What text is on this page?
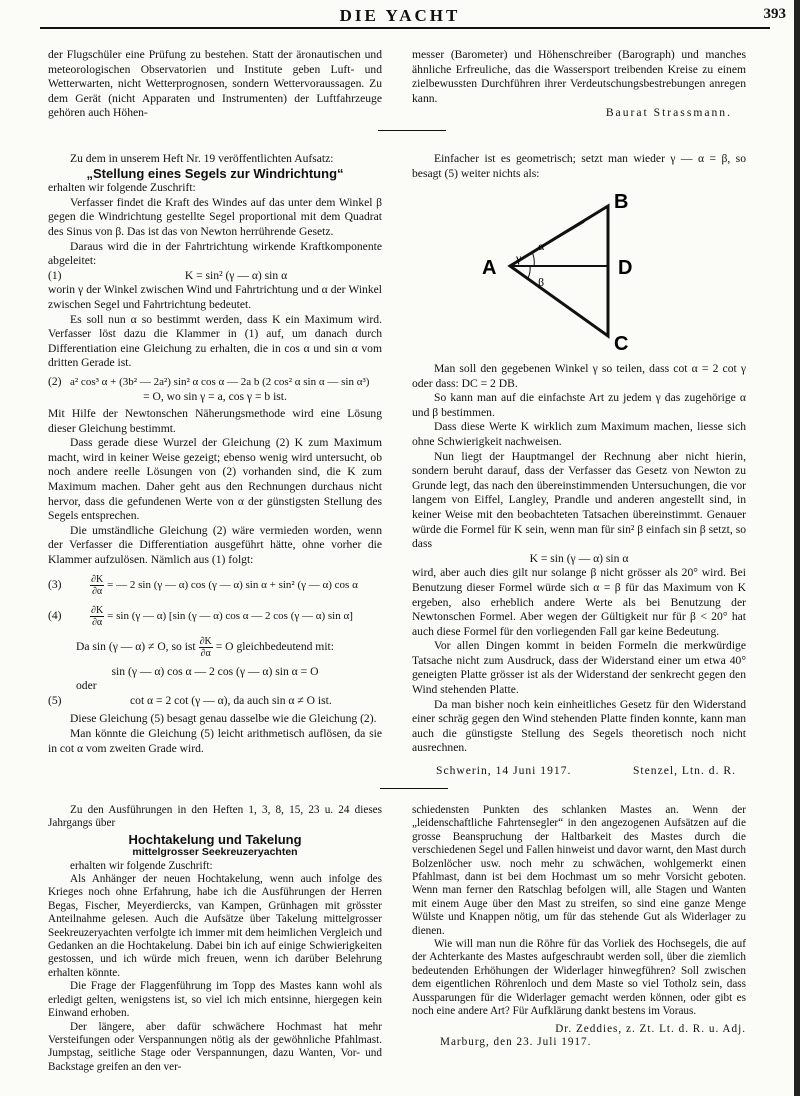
DIE YACHT	393

der Flugschüler eine Prüfung zu bestehen. Statt der äronautischen und meteorologischen Observatorien und Institute geben Luft- und Wetterwarten, nicht Wetterprognosen, sondern Wettervoraussagen. Zu dem Gerät (nicht Apparaten und Instrumenten) der Luftfahrzeuge gehören auch Höhen-

messer (Barometer) und Höhenschreiber (Barograph) und manches ähnliche Erfreuliche, das die Wassersport treibenden Kreise zu einem zielbewussten Durchführen ihrer Verdeutschungsbestrebungen anregen kann.

Baurat Strassmann.

Zu dem in unserem Heft Nr. 19 veröffentlichten Aufsatz:

„Stellung eines Segels zur Windrichtung“

erhalten wir folgende Zuschrift:

Verfasser findet die Kraft des Windes auf das unter dem Winkel β gegen die Windrichtung gestellte Segel proportional mit dem Quadrat des Sinus von β. Das ist das von Newton herrührende Gesetz.

Daraus wird die in der Fahrtrichtung wirkende Kraftkomponente abgeleitet:

(1)	K = sin² (γ — α) sin α

worin γ der Winkel zwischen Wind und Fahrtrichtung und α der Winkel zwischen Segel und Fahrtrichtung bedeutet.

Es soll nun α so bestimmt werden, dass K ein Maximum wird. Verfasser löst dazu die Klammer in (1) auf, um danach durch Differentiation eine Gleichung zu erhalten, die in cos α und sin α vom dritten Gerade ist.

(2) a² cos³ α + (3b² — 2a²) sin² α cos α — 2a b (2 cos² α sin α — sin α³)

= O, wo sin γ = a, cos γ = b ist.

Mit Hilfe der Newtonschen Näherungsmethode wird eine Lösung dieser Gleichung bestimmt.

Dass gerade diese Wurzel der Gleichung (2) K zum Maximum macht, wird in keiner Weise gezeigt; ebenso wenig wird untersucht, ob noch andere reelle Lösungen von (2) vorhanden sind, die K zum Maximum machen. Daher geht aus den Rechnungen durchaus nicht hervor, dass die gefundenen Werte von α der günstigsten Stellung des Segels entsprechen.

Die umständliche Gleichung (2) wäre vermieden worden, wenn der Verfasser die Differentiation ausgeführt hätte, ohne vorher die Klammer aufzulösen. Nämlich aus (1) folgt:

(3)	$\frac{\partial K}{\partial\alpha}$ = — 2 sin (γ — α) cos (γ — α) sin α + sin² (γ — α) cos α
(4)	$\frac{\partial K}{\partial\alpha} = \sin (\gamma$ — α) [sin (γ — α) cos α — 2 cos (γ — α) sin α]
Da sin (γ — α) ≠ O, so ist
$\frac{\partial K}{\partial\alpha} = O$ gleichbedeutend mit:

sin (γ — α) cos α — 2 cos (γ — α) sin α = O

oder

(5)	cot α = 2 cot (γ — α), da auch sin α ≠ O ist.

Diese Gleichung (5) besagt genau dasselbe wie die Gleichung (2).

Man könnte die Gleichung (5) leicht arithmetisch auflösen, da sie in cot α vom zweiten Grade wird.

Einfacher ist es geometrisch; setzt man wieder γ — α = β, so besagt (5) weiter nichts als:

A
B
D
C
α
γ
β

Man soll den gegebenen Winkel γ so teilen, dass cot α = 2 cot γ oder dass: DC = 2 DB.

So kann man auf die einfachste Art zu jedem γ das zugehörige α und β bestimmen.

Dass diese Werte K wirklich zum Maximum machen, liesse sich ohne Schwierigkeit nachweisen.

Nun liegt der Hauptmangel der Rechnung aber nicht hierin, sondern beruht darauf, dass der Verfasser das Gesetz von Newton zu Grunde legt, das nach den übereinstimmenden Untersuchungen, die vor langem von Eiffel, Langley, Prandle und anderen angestellt sind, in keiner Weise mit den beobachteten Tatsachen übereinstimmt. Genauer würde die Formel für K sein, wenn man für sin² β einfach sin β setzt, so dass

K = sin (γ — α) sin α

wird, aber auch dies gilt nur solange β nicht grösser als 20° wird. Bei Benutzung dieser Formel würde sich α = β für das Maximum von K ergeben, also erheblich andere Werte als bei Benutzung der Newtonschen Formel. Aber wegen der Gültigkeit nur für β < 20° hat auch diese Formel für den vorliegenden Fall gar keine Bedeutung.

Vor allen Dingen kommt in beiden Formeln die merkwürdige Tatsache nicht zum Ausdruck, dass der Widerstand einer um etwa 40° geneigten Platte grösser ist als der Widerstand der senkrecht gegen den Wind stehenden Platte.

Da man bisher noch kein einheitliches Gesetz für den Widerstand einer schräg gegen den Wind stehenden Platte finden konnte, kann man auch die günstigste Stellung des Segels theoretisch noch nicht ausrechnen.

Schwerin, 14 Juni 1917.	Stenzel, Ltn. d. R.

Zu den Ausführungen in den Heften 1, 3, 8, 15, 23 u. 24 dieses Jahrgangs über

Hochtakelung und Takelung

mittelgrosser Seekreuzeryachten

erhalten wir folgende Zuschrift:

Als Anhänger der neuen Hochtakelung, wenn auch infolge des Krieges noch ohne Erfahrung, habe ich die Ausführungen der Herren Begas, Fischer, Meyerdiercks, van Kampen, Grünhagen mit grösster Anteilnahme gelesen. Auch die Aufsätze über Takelung mittelgrosser Seekreuzeryachten verfolgte ich immer mit dem heimlichen Vergleich und Gedanken an die Hochtakelung. Dabei bin ich auf einige Schwierigkeiten gestossen, und ich würde mich freuen, wenn ich darüber Belehrung erhalten könnte.

Die Frage der Flaggenführung im Topp des Mastes kann wohl als erledigt gelten, wenigstens ist, so viel ich mich entsinne, hiergegen kein Einwand erhoben.

Der längere, aber dafür schwächere Hochmast hat mehr Versteifungen oder Verspannungen nötig als der gewöhnliche Pfahlmast. Jumpstag, seitliche Stage oder Verspannungen, dazu Wanten, Vor- und Backstage greifen an den ver-

schiedensten Punkten des schlanken Mastes an. Wenn der „leidenschaftliche Fahrtensegler“ in den angezogenen Aufsätzen auf die grosse Beanspruchung der Haltbarkeit des Mastes durch die verschiedenen Segel und Fallen hinweist und davor warnt, den Mast durch Bolzenlöcher usw. noch mehr zu schwächen, wohlgemerkt einen Pfahlmast, dann ist bei dem Hochmast um so mehr Vorsicht geboten. Wenn man ferner den Ratschlag befolgen will, alle Stagen und Wanten mit einem Auge über den Mast zu streifen, so sind eine ganze Menge Wülste und Knappen nötig, um für das stehende Gut als Widerlager zu dienen.

Wie will man nun die Röhre für das Vorliek des Hochsegels, die auf der Achterkante des Mastes aufgeschraubt werden soll, über die ziemlich bedeutenden Erhöhungen der Widerlager hinwegführen? Soll zwischen dem eigentlichen Röhrenloch und dem Maste so viel Totholz sein, dass Aussparungen für die Widerlager gemacht werden können, oder gibt es noch eine andere Art? Für Aufklärung dankt bestens im Voraus.

Dr. Zeddies, z. Zt. Lt. d. R. u. Adj.

Marburg, den 23. Juli 1917.
